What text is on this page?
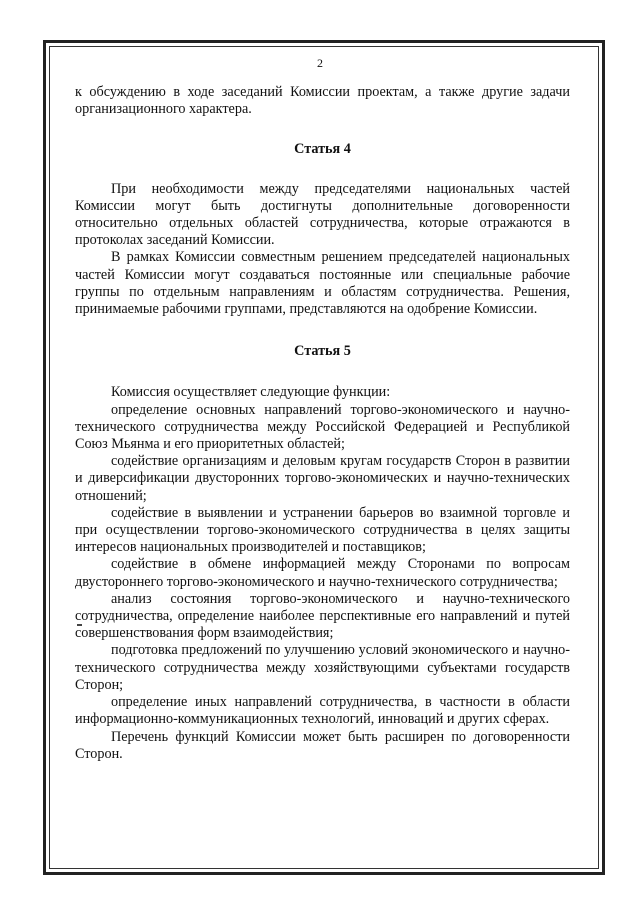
2

к обсуждению в ходе заседаний Комиссии проектам, а также другие задачи организационного характера.

Статья 4

При необходимости между председателями национальных частей Комиссии могут быть достигнуты дополнительные договоренности относительно отдельных областей сотрудничества, которые отражаются в протоколах заседаний Комиссии.

В рамках Комиссии совместным решением председателей национальных частей Комиссии могут создаваться постоянные или специальные рабочие группы по отдельным направлениям и областям сотрудничества. Решения, принимаемые рабочими группами, представляются на одобрение Комиссии.

Статья 5

Комиссия осуществляет следующие функции:

определение основных направлений торгово-экономического и научно-технического сотрудничества между Российской Федерацией и Республикой Союз Мьянма и его приоритетных областей;

содействие организациям и деловым кругам государств Сторон в развитии и диверсификации двусторонних торгово-экономических и научно-технических отношений;

содействие в выявлении и устранении барьеров во взаимной торговле и при осуществлении торгово-экономического сотрудничества в целях защиты интересов национальных производителей и поставщиков;

содействие в обмене информацией между Сторонами по вопросам двустороннего торгово-экономического и научно-технического сотрудничества;

анализ состояния торгово-экономического и научно-технического сотрудничества, определение наиболее перспективные его направлений и путей совершенствования форм взаимодействия;

подготовка предложений по улучшению условий экономического и научно-технического сотрудничества между хозяйствующими субъектами государств Сторон;

определение иных направлений сотрудничества, в частности в области информационно-коммуникационных технологий, инноваций и других сферах.

Перечень функций Комиссии может быть расширен по договоренности Сторон.
